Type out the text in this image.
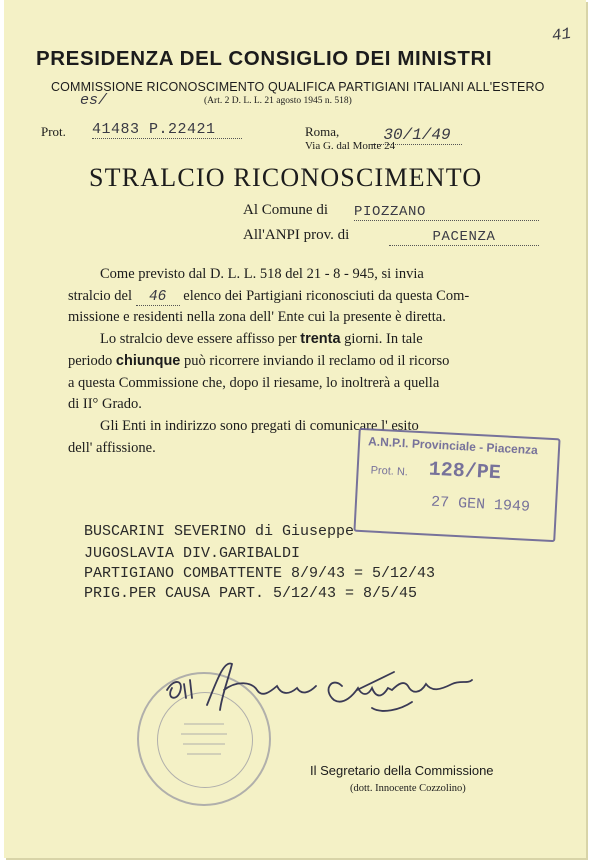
41
PRESIDENZA DEL CONSIGLIO DEI MINISTRI
COMMISSIONE RICONOSCIMENTO QUALIFICA PARTIGIANI ITALIANI ALL'ESTERO
es/	(Art. 2 D. L. L. 21 agosto 1945 n. 518)
Prot. 41483 P.22421	Roma,	30/1/49
Via G. dal Monte 24
STRALCIO RICONOSCIMENTO
Al Comune di PIOZZANO
All'ANPI prov. di	PACENZA
Come previsto dal D. L. L. 518 del 21 - 8 - 945, si invia
stralcio del 46 elenco dei Partigiani riconosciuti da questa Com-
missione e residenti nella zona dell' Ente cui la presente è diretta.
Lo stralcio deve essere affisso per trenta giorni. In tale
periodo chiunque può ricorrere inviando il reclamo od il ricorso
a questa Commissione che, dopo il riesame, lo inoltrerà a quella
di II° Grado.
Gli Enti in indirizzo sono pregati di comunicare l' esito
dell' affissione.	A.N.P.I. Provinciale - Piacenza
Prot. N. 128/PE
27 GEN 1949
BUSCARINI SEVERINO di Giuseppe
JUGOSLAVIA DIV.GARIBALDI
PARTIGIANO COMBATTENTE 8/9/43 = 5/12/43
PRIG.PER CAUSA PART. 5/12/43 = 8/5/45
Il Segretario della Commissione
(dott. Innocente Cozzolino)
